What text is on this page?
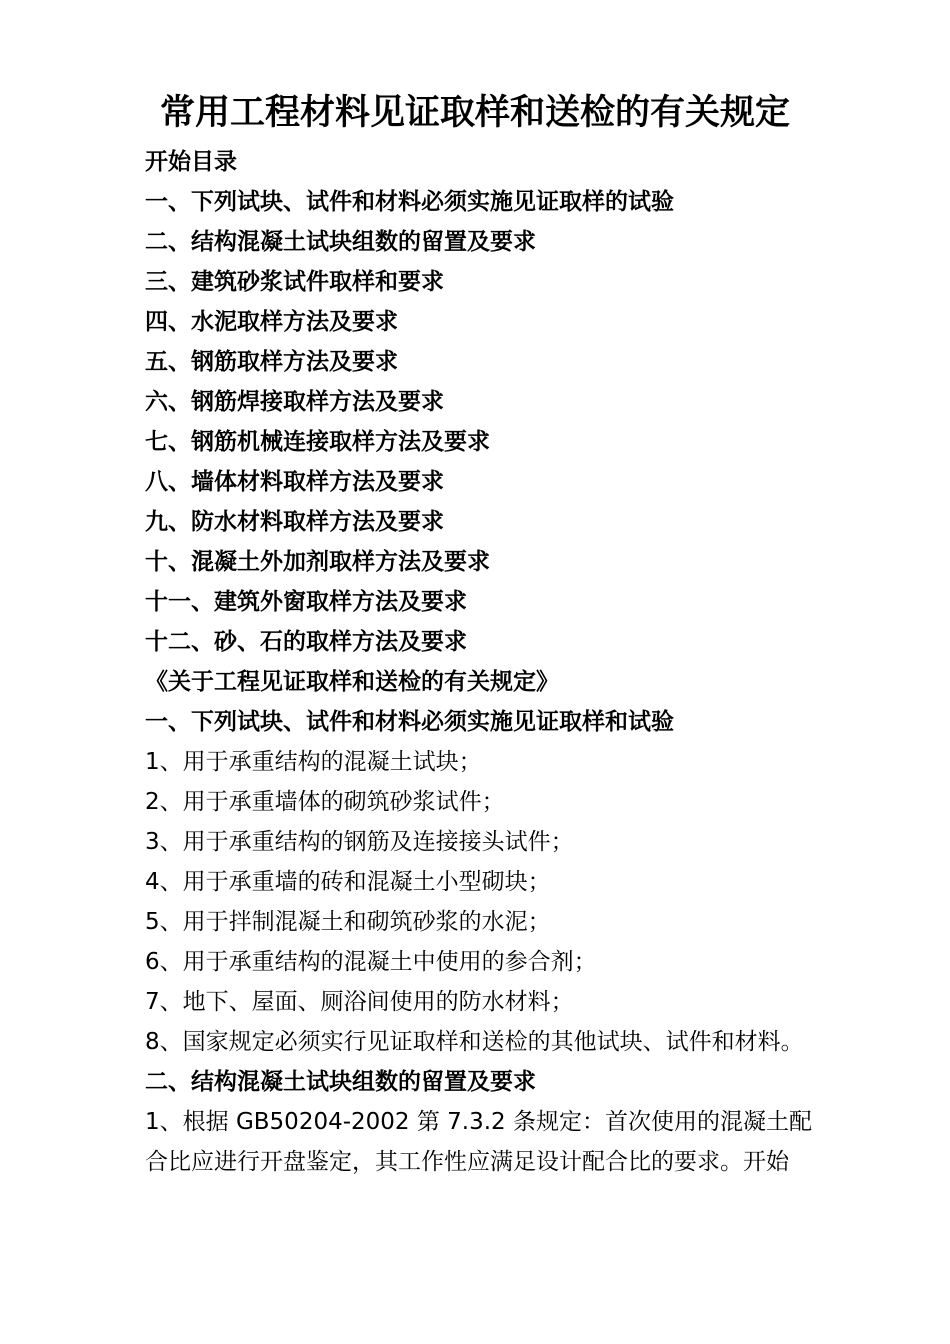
常用工程材料见证取样和送检的有关规定

开始目录

一、下列试块、试件和材料必须实施见证取样的试验

二、结构混凝土试块组数的留置及要求

三、建筑砂浆试件取样和要求

四、水泥取样方法及要求

五、钢筋取样方法及要求

六、钢筋焊接取样方法及要求

七、钢筋机械连接取样方法及要求

八、墙体材料取样方法及要求

九、防水材料取样方法及要求

十、混凝土外加剂取样方法及要求

十一、建筑外窗取样方法及要求

十二、砂、石的取样方法及要求

《关于工程见证取样和送检的有关规定》

一、下列试块、试件和材料必须实施见证取样和试验

1、用于承重结构的混凝土试块；

2、用于承重墙体的砌筑砂浆试件；

3、用于承重结构的钢筋及连接接头试件；

4、用于承重墙的砖和混凝土小型砌块；

5、用于拌制混凝土和砌筑砂浆的水泥；

6、用于承重结构的混凝土中使用的参合剂；

7、地下、屋面、厕浴间使用的防水材料；

8、国家规定必须实行见证取样和送检的其他试块、试件和材料。

二、结构混凝土试块组数的留置及要求

1、根据 GB50204-2002 第 7.3.2 条规定：首次使用的混凝土配

合比应进行开盘鉴定，其工作性应满足设计配合比的要求。开始
